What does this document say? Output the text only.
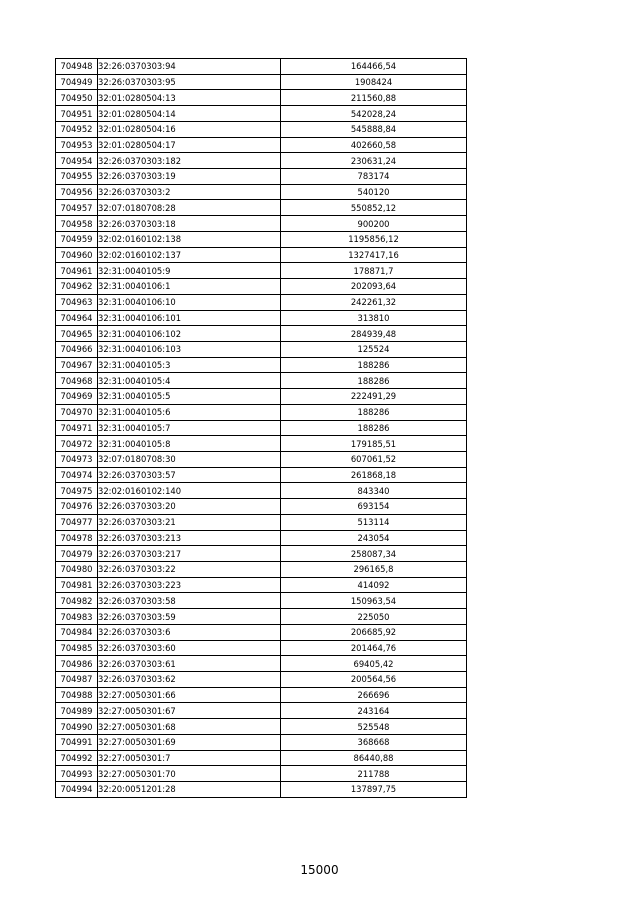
704948	32:26:0370303:94	164466,54
704949	32:26:0370303:95	1908424
704950	32:01:0280504:13	211560,88
704951	32:01:0280504:14	542028,24
704952	32:01:0280504:16	545888,84
704953	32:01:0280504:17	402660,58
704954	32:26:0370303:182	230631,24
704955	32:26:0370303:19	783174
704956	32:26:0370303:2	540120
704957	32:07:0180708:28	550852,12
704958	32:26:0370303:18	900200
704959	32:02:0160102:138	1195856,12
704960	32:02:0160102:137	1327417,16
704961	32:31:0040105:9	178871,7
704962	32:31:0040106:1	202093,64
704963	32:31:0040106:10	242261,32
704964	32:31:0040106:101	313810
704965	32:31:0040106:102	284939,48
704966	32:31:0040106:103	125524
704967	32:31:0040105:3	188286
704968	32:31:0040105:4	188286
704969	32:31:0040105:5	222491,29
704970	32:31:0040105:6	188286
704971	32:31:0040105:7	188286
704972	32:31:0040105:8	179185,51
704973	32:07:0180708:30	607061,52
704974	32:26:0370303:57	261868,18
704975	32:02:0160102:140	843340
704976	32:26:0370303:20	693154
704977	32:26:0370303:21	513114
704978	32:26:0370303:213	243054
704979	32:26:0370303:217	258087,34
704980	32:26:0370303:22	296165,8
704981	32:26:0370303:223	414092
704982	32:26:0370303:58	150963,54
704983	32:26:0370303:59	225050
704984	32:26:0370303:6	206685,92
704985	32:26:0370303:60	201464,76
704986	32:26:0370303:61	69405,42
704987	32:26:0370303:62	200564,56
704988	32:27:0050301:66	266696
704989	32:27:0050301:67	243164
704990	32:27:0050301:68	525548
704991	32:27:0050301:69	368668
704992	32:27:0050301:7	86440,88
704993	32:27:0050301:70	211788
704994	32:20:0051201:28	137897,75
15000
